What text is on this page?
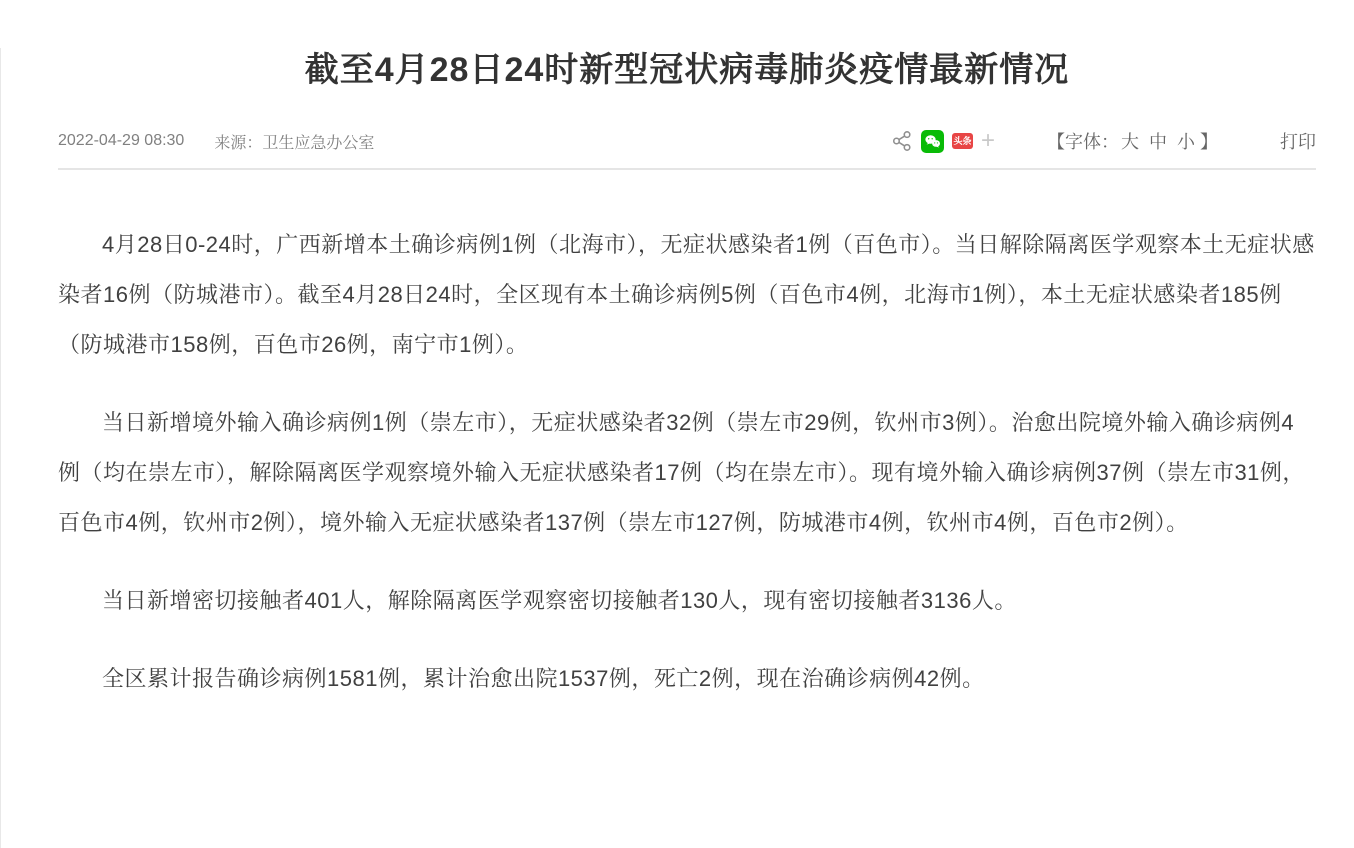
截至4月28日24时新型冠状病毒肺炎疫情最新情况
2022-04-29 08:30 来源：卫生应急办公室	头条 +	【字体： 大 中 小 】	打印

4月28日0-24时，广西新增本土确诊病例1例（北海市），无症状感染者1例（百色市）。当日解除隔离医学观察本土无症状感染者16例（防城港市）。截至4月28日24时，全区现有本土确诊病例5例（百色市4例，北海市1例），本土无症状感染者185例（防城港市158例，百色市26例，南宁市1例）。

当日新增境外输入确诊病例1例（崇左市），无症状感染者32例（崇左市29例，钦州市3例）。治愈出院境外输入确诊病例4例（均在崇左市），解除隔离医学观察境外输入无症状感染者17例（均在崇左市）。现有境外输入确诊病例37例（崇左市31例，百色市4例，钦州市2例），境外输入无症状感染者137例（崇左市127例，防城港市4例，钦州市4例，百色市2例）。

当日新增密切接触者401人，解除隔离医学观察密切接触者130人，现有密切接触者3136人。

全区累计报告确诊病例1581例，累计治愈出院1537例，死亡2例，现在治确诊病例42例。
